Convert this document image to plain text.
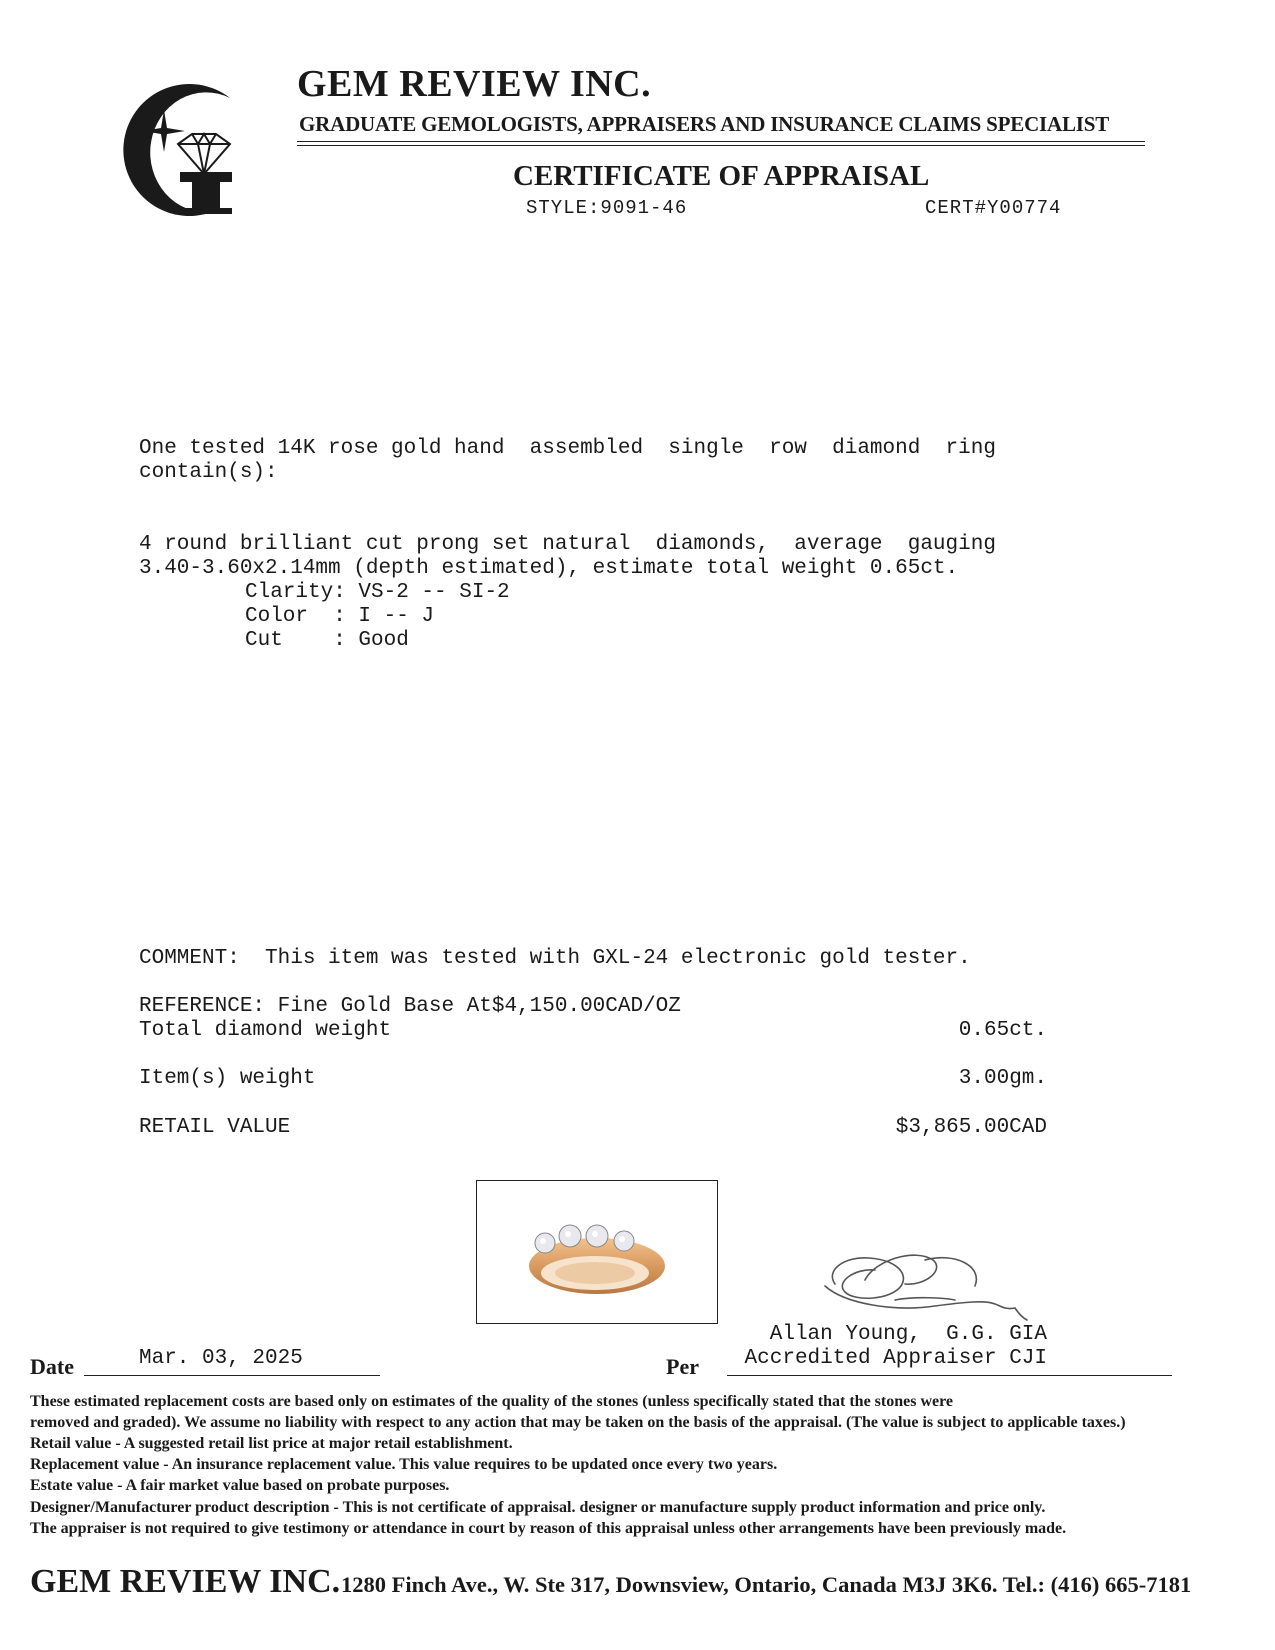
GEM REVIEW INC.
GRADUATE GEMOLOGISTS, APPRAISERS AND INSURANCE CLAIMS SPECIALIST
CERTIFICATE OF APPRAISAL
STYLE:9091-46	CERT#Y00774
One tested 14K rose gold hand  assembled  single  row  diamond  ring
contain(s):
4 round brilliant cut prong set natural  diamonds,  average  gauging
3.40-3.60x2.14mm (depth estimated), estimate total weight 0.65ct.
Clarity: VS-2 -- SI-2
Color  : I -- J
Cut    : Good
COMMENT:  This item was tested with GXL-24 electronic gold tester.
REFERENCE: Fine Gold Base At$4,150.00CAD/OZ
Total diamond weight	0.65ct.
Item(s) weight	3.00gm.
RETAIL VALUE	$3,865.00CAD
Allan Young,  G.G. GIA
Accredited Appraiser CJI
Date	Mar. 03, 2025	Per
These estimated replacement costs are based only on estimates of the quality of the stones (unless specifically stated that the stones were
removed and graded). We assume no liability with respect to any action that may be taken on the basis of the appraisal. (The value is subject to applicable taxes.)
Retail value - A suggested retail list price at major retail establishment.
Replacement value - An insurance replacement value. This value requires to be updated once every two years.
Estate value - A fair market value based on probate purposes.
Designer/Manufacturer product description - This is not certificate of appraisal. designer or manufacture supply product information and price only.
The appraiser is not required to give testimony or attendance in court by reason of this appraisal unless other arrangements have been previously made.
GEM REVIEW INC. 1280 Finch Ave., W. Ste 317, Downsview, Ontario, Canada M3J 3K6. Tel.: (416) 665-7181
